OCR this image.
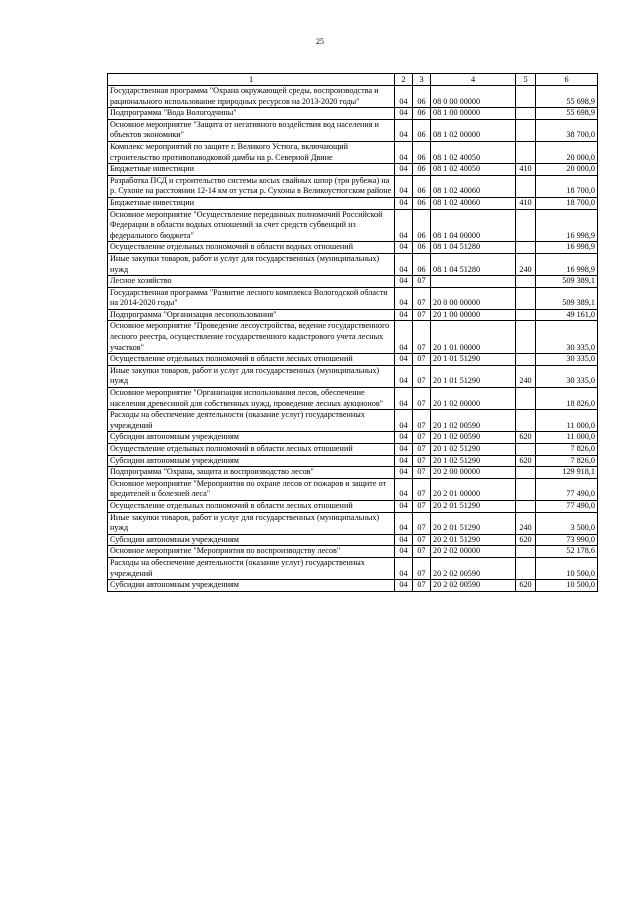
25
1	2	3	4	5	6
Государственная программа "Охрана окружающей среды, воспроизводства и рационального использование природных ресурсов на 2013-2020 годы"	04	06	08 0 00 00000		55 698,9
Подпрограмма "Вода Вологодчины"	04	06	08 1 00 00000		55 698,9
Основное мероприятие "Защита от негативного воздействия вод населения и объектов экономики"	04	06	08 1 02 00000		38 700,0
Комплекс мероприятий по защите г. Великого Устюга, включающий строительство противопаводковой дамбы на р. Северной Двине	04	06	08 1 02 40050		20 000,0
Бюджетные инвестиции	04	06	08 1 02 40050	410	20 000,0
Разработка ПСД и строительство системы косых свайных шпор (три рубежа) на р. Сухоне на расстоянии 12-14 км от устья р. Сухоны в Великоустюгском районе	04	06	08 1 02 40060		18 700,0
Бюджетные инвестиции	04	06	08 1 02 40060	410	18 700,0
Основное мероприятие "Осуществление переданных полномочий Российской Федерации в области водных отношений за счет средств субвенций из федерального бюджета"	04	06	08 1 04 00000		16 998,9
Осуществление отдельных полномочий в области водных отношений	04	06	08 1 04 51280		16 998,9
Иные закупки товаров, работ и услуг для государственных (муниципальных) нужд	04	06	08 1 04 51280	240	16 998,9
Лесное хозяйство	04	07			509 389,1
Государственная программа "Развитие лесного комплекса Вологодской области на 2014-2020 годы"	04	07	20 0 00 00000		509 389,1
Подпрограмма "Организация лесопользования"	04	07	20 1 00 00000		49 161,0
Основное мероприятие "Проведение лесоустройства, ведение государственного лесного реестра, осуществление государственного кадастрового учета лесных участков"	04	07	20 1 01 00000		30 335,0
Осуществление отдельных полномочий в области лесных отношений	04	07	20 1 01 51290		30 335,0
Иные закупки товаров, работ и услуг для государственных (муниципальных) нужд	04	07	20 1 01 51290	240	30 335,0
Основное мероприятие "Организация использования лесов, обеспечение населения древесиной для собственных нужд, проведение лесных аукционов"	04	07	20 1 02 00000		18 826,0
Расходы на обеспечение деятельности (оказание услуг) государственных учреждений	04	07	20 1 02 00590		11 000,0
Субсидии автономным учреждениям	04	07	20 1 02 00590	620	11 000,0
Осуществление отдельных полномочий в области лесных отношений	04	07	20 1 02 51290		7 826,0
Субсидии автономным учреждениям	04	07	20 1 02 51290	620	7 826,0
Подпрограмма "Охрана, защита и воспроизводство лесов"	04	07	20 2 00 00000		129 918,1
Основное мероприятие "Мероприятия по охране лесов от пожаров и защите от вредителей и болезней леса"	04	07	20 2 01 00000		77 490,0
Осуществление отдельных полномочий в области лесных отношений	04	07	20 2 01 51290		77 490,0
Иные закупки товаров, работ и услуг для государственных (муниципальных) нужд	04	07	20 2 01 51290	240	3 500,0
Субсидии автономным учреждениям	04	07	20 2 01 51290	620	73 990,0
Основное мероприятие "Мероприятия по воспроизводству лесов"	04	07	20 2 02 00000		52 178,6
Расходы на обеспечение деятельности (оказание услуг) государственных учреждений	04	07	20 2 02 00590		10 500,0
Субсидии автономным учреждениям	04	07	20 2 02 00590	620	10 500,0
